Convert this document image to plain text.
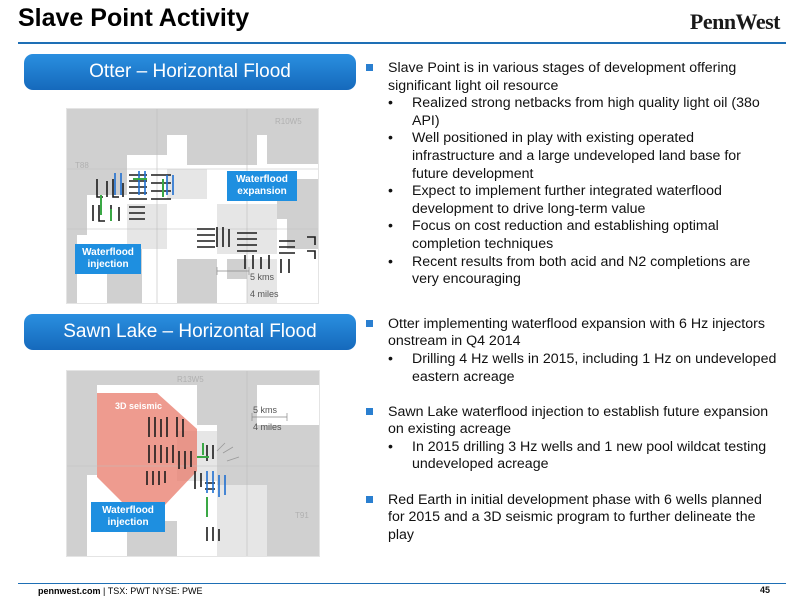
Slave Point Activity	PennWest
Otter – Horizontal Flood
R10W5
T88
5 kms
4 miles
Waterflood expansion
Waterflood injection
Sawn Lake – Horizontal Flood
R13W5
T91
3D seismic	5 kms
4 miles
Waterflood injection
Slave Point is in various stages of development offering significant light oil resource
• Realized strong netbacks from high quality light oil (38o API)
• Well positioned in play with existing operated infrastructure and a large undeveloped land base for future development
• Expect to implement further integrated waterflood development to drive long-term value
• Focus on cost reduction and establishing optimal completion techniques
• Recent results from both acid and N2 completions are very encouraging
Otter implementing waterflood expansion with 6 Hz injectors onstream in Q4 2014
• Drilling 4 Hz wells in 2015, including 1 Hz on undeveloped eastern acreage
Sawn Lake waterflood injection to establish future expansion on existing acreage
• In 2015 drilling 3 Hz wells and 1 new pool wildcat testing undeveloped acreage
Red Earth in initial development phase with 6 wells planned for 2015 and a 3D seismic program to further delineate the play
pennwest.com | TSX: PWT NYSE: PWE	45
